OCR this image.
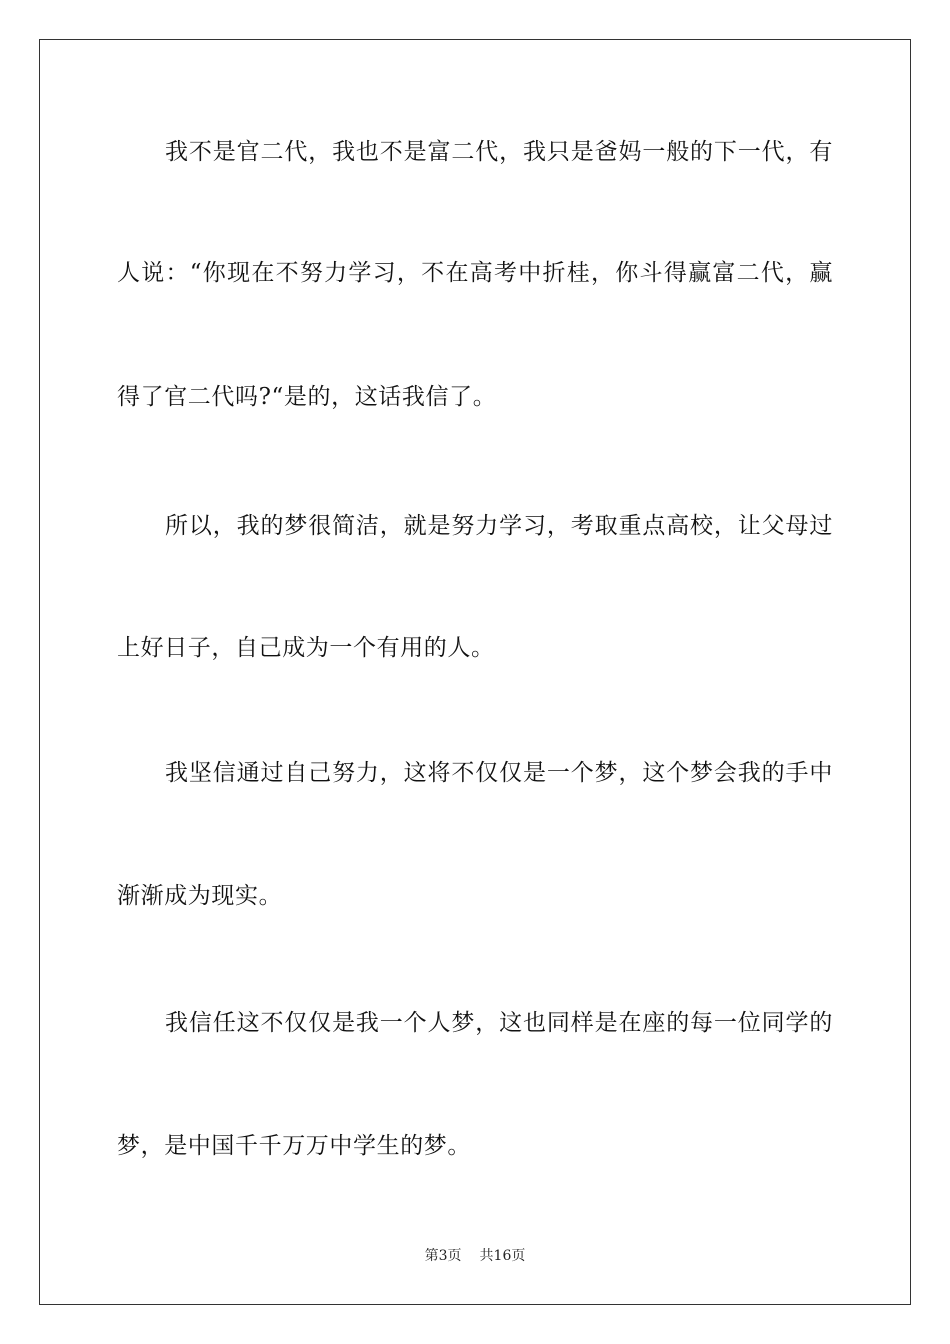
我不是官二代，我也不是富二代，我只是爸妈一般的下一代，有
人说：“你现在不努力学习，不在高考中折桂，你斗得赢富二代，赢
得了官二代吗?“是的，这话我信了。
所以，我的梦很简洁，就是努力学习，考取重点高校，让父母过
上好日子，自己成为一个有用的人。
我坚信通过自己努力，这将不仅仅是一个梦，这个梦会我的手中
渐渐成为现实。
我信任这不仅仅是我一个人梦，这也同样是在座的每一位同学的
梦，是中国千千万万中学生的梦。
第3页 共16页
